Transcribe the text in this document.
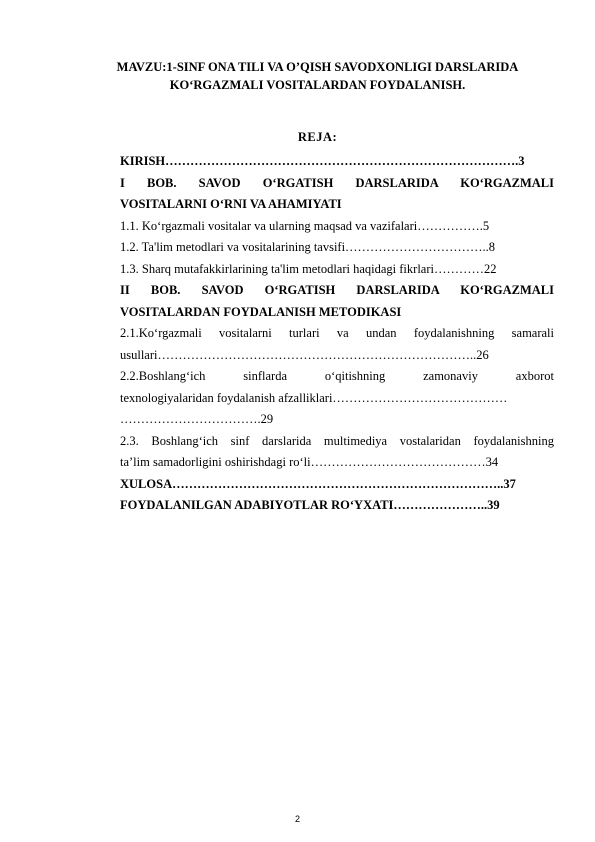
MAVZU:1-SINF ONA TILI VA O’QISH SAVODXONLIGI DARSLARIDA
KO‘RGAZMALI VOSITALARDAN FOYDALANISH.
REJA:
KIRISH………………………………………………………………………….3
I BOB. SAVOD O‘RGATISH DARSLARIDA KO‘RGAZMALI
VOSITALARNI O‘RNI VA AHAMIYATI
1.1. Ko‘rgazmali vositalar va ularning maqsad va vazifalari…………….5
1.2. Ta'lim metodlari va vositalarining tavsifi……………………………..8
1.3. Sharq mutafakkirlarining ta'lim metodlari haqidagi fikrlari…………22
II BOB. SAVOD O‘RGATISH DARSLARIDA KO‘RGAZMALI
VOSITALARDAN FOYDALANISH METODIKASI
2.1.Ko‘rgazmali vositalarni turlari va undan foydalanishning samarali
usullari…………………………………………………………………..26
2.2.Boshlang‘ich sinflarda o‘qitishning zamonaviy axborot
texnologiyalaridan foydalanish afzalliklari……………………………………
…………………………….29
2.3. Boshlang‘ich sinf darslarida multimediya vostalaridan foydalanishning
ta’lim samadorligini oshirishdagi ro‘li……………………………………34
XULOSA……………………………………………………………………..37
FOYDALANILGAN ADABIYOTLAR RO‘YXATI…………………..39
2
